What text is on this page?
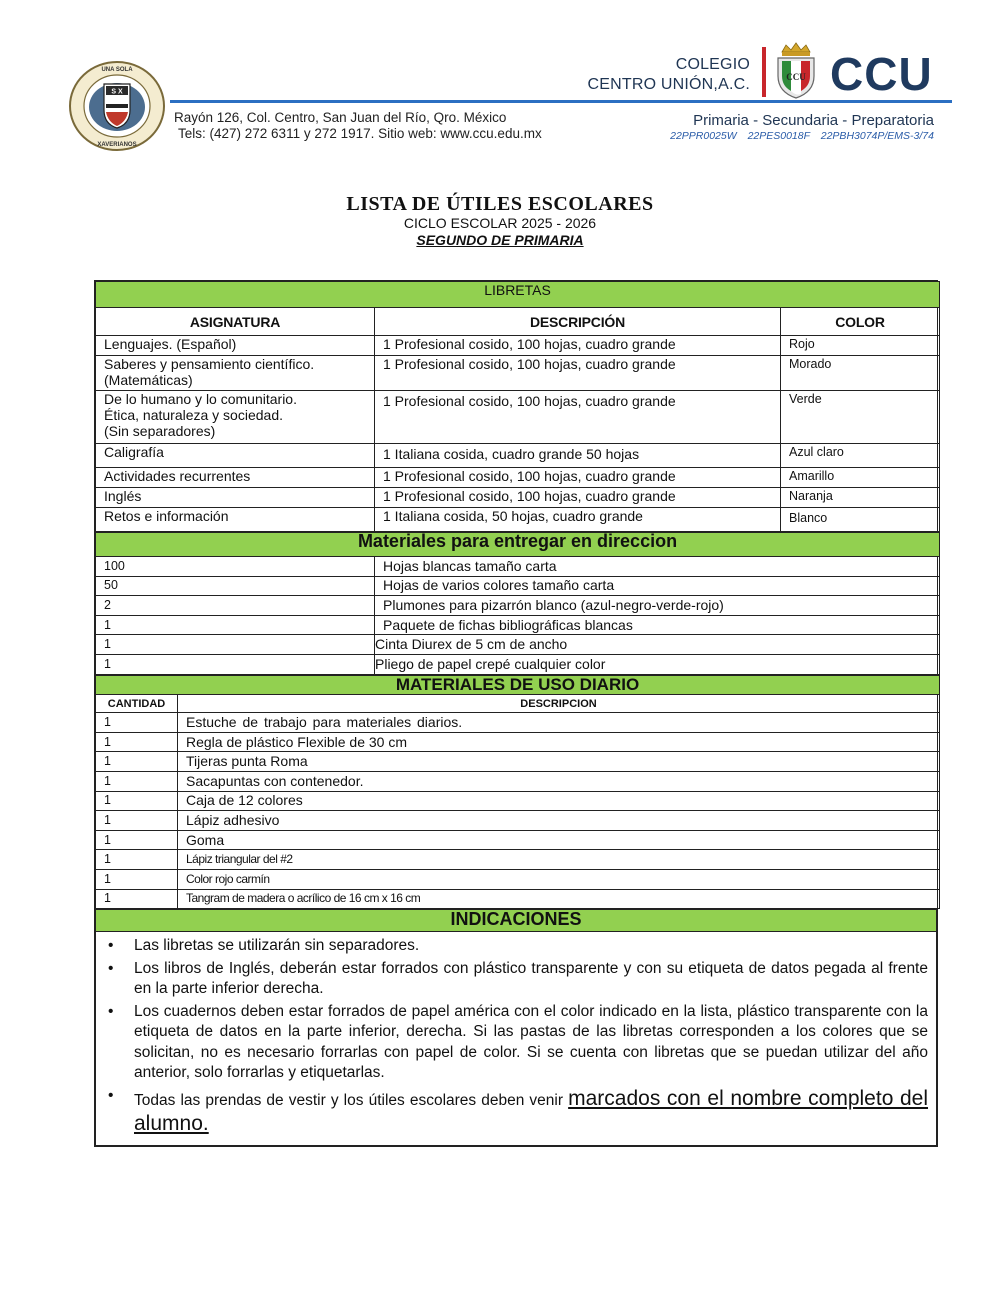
S X
UNA SOLA
XAVERIANOS
Rayón 126, Col. Centro, San Juan del Río, Qro. México
Tels: (427) 272 6311 y 272 1917. Sitio web: www.ccu.edu.mx
COLEGIO
CENTRO UNIÓN,A.C.	CCU CCU
Primaria - Secundaria - Preparatoria
22PPR0025W 22PES0018F 22PBH3074P/EMS-3/74
LISTA DE ÚTILES ESCOLARES
CICLO ESCOLAR 2025 - 2026
SEGUNDO DE PRIMARIA
LIBRETAS		
ASIGNATURA	DESCRIPCIÓN	COLOR
Lenguajes. (Español)	1 Profesional cosido, 100 hojas, cuadro grande	Rojo

Saberes y pensamiento científico.
(Matemáticas)	1 Profesional cosido, 100 hojas, cuadro grande	Morado

De lo humano y lo comunitario.
Ética, naturaleza y sociedad.
(Sin separadores)	1 Profesional cosido, 100 hojas, cuadro grande	Verde
Caligrafía	1 Italiana cosida, cuadro grande 50 hojas	Azul claro
Actividades recurrentes	1 Profesional cosido, 100 hojas, cuadro grande	Amarillo
Inglés	1 Profesional cosido, 100 hojas, cuadro grande	Naranja
Retos e información	1 Italiana cosida, 50 hojas, cuadro grande	Blanco
Materiales para entregar en direccion	
100	Hojas blancas tamaño carta
50	Hojas de varios colores tamaño carta
2	Plumones para pizarrón blanco (azul-negro-verde-rojo)
1	Paquete de fichas bibliográficas blancas
1	Cinta Diurex de 5 cm de ancho
1	Pliego de papel crepé cualquier color
MATERIALES DE USO DIARIO	
CANTIDAD	DESCRIPCION
1	Estuche de trabajo para materiales diarios.
1	Regla de plástico Flexible de 30 cm
1	Tijeras punta Roma
1	Sacapuntas con contenedor.
1	Caja de 12 colores
1	Lápiz adhesivo
1	Goma
1	Lápiz triangular del #2
1	Color rojo carmín
1	Tangram de madera o acrílico de 16 cm x 16 cm
INDICACIONES

• Las libretas se utilizarán sin separadores.
• Los libros de Inglés, deberán estar forrados con plástico transparente y con su etiqueta de datos pegada al frente en la parte inferior derecha.
• Los cuadernos deben estar forrados de papel américa con el color indicado en la lista, plástico transparente con la etiqueta de datos en la parte inferior, derecha. Si las pastas de las libretas corresponden a los colores que se solicitan, no es necesario forrarlas con papel de color. Si se cuenta con libretas que se puedan utilizar del año anterior, solo forrarlas y etiquetarlas.
• Todas las prendas de vestir y los útiles escolares deben venir marcados con el nombre completo del alumno.
